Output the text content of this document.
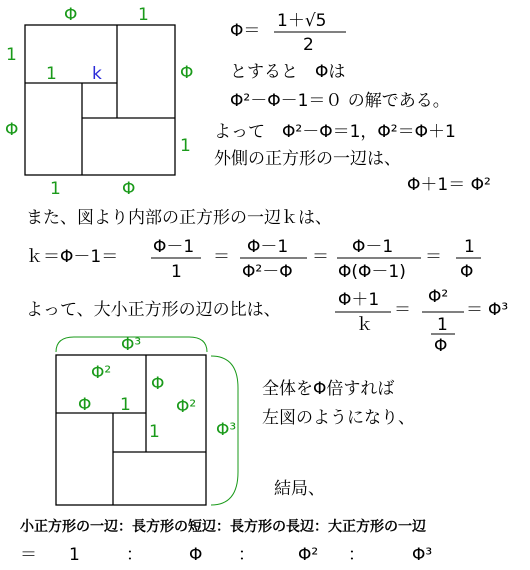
Φ	1
1
Φ
1 k	Φ
1
1	Φ
Φ＝ 1＋√5
2
とすると　Φは
Φ²－Φ－1＝０ の解である。
よって　Φ²－Φ＝1，Φ²＝Φ＋1
外側の正方形の一辺は、
Φ＋1＝ Φ²
また、図より内部の正方形の一辺ｋは、
ｋ＝Φ－1＝ Φ－1
1
＝ Φ－1
Φ²－Φ
＝ Φ－1
Φ(Φ－1)
＝ 1
Φ
よって、大小正方形の辺の比は、	Φ＋1
ｋ
＝
Φ²
1
Φ
＝ Φ³
Φ³
Φ²
Φ
Φ²
Φ 1
1	Φ³
全体をΦ倍すれば
左図のようになり、
結局、
小正方形の一辺：長方形の短辺：長方形の長辺：大正方形の一辺
＝ 1	：	Φ ：	Φ² ：	Φ³
